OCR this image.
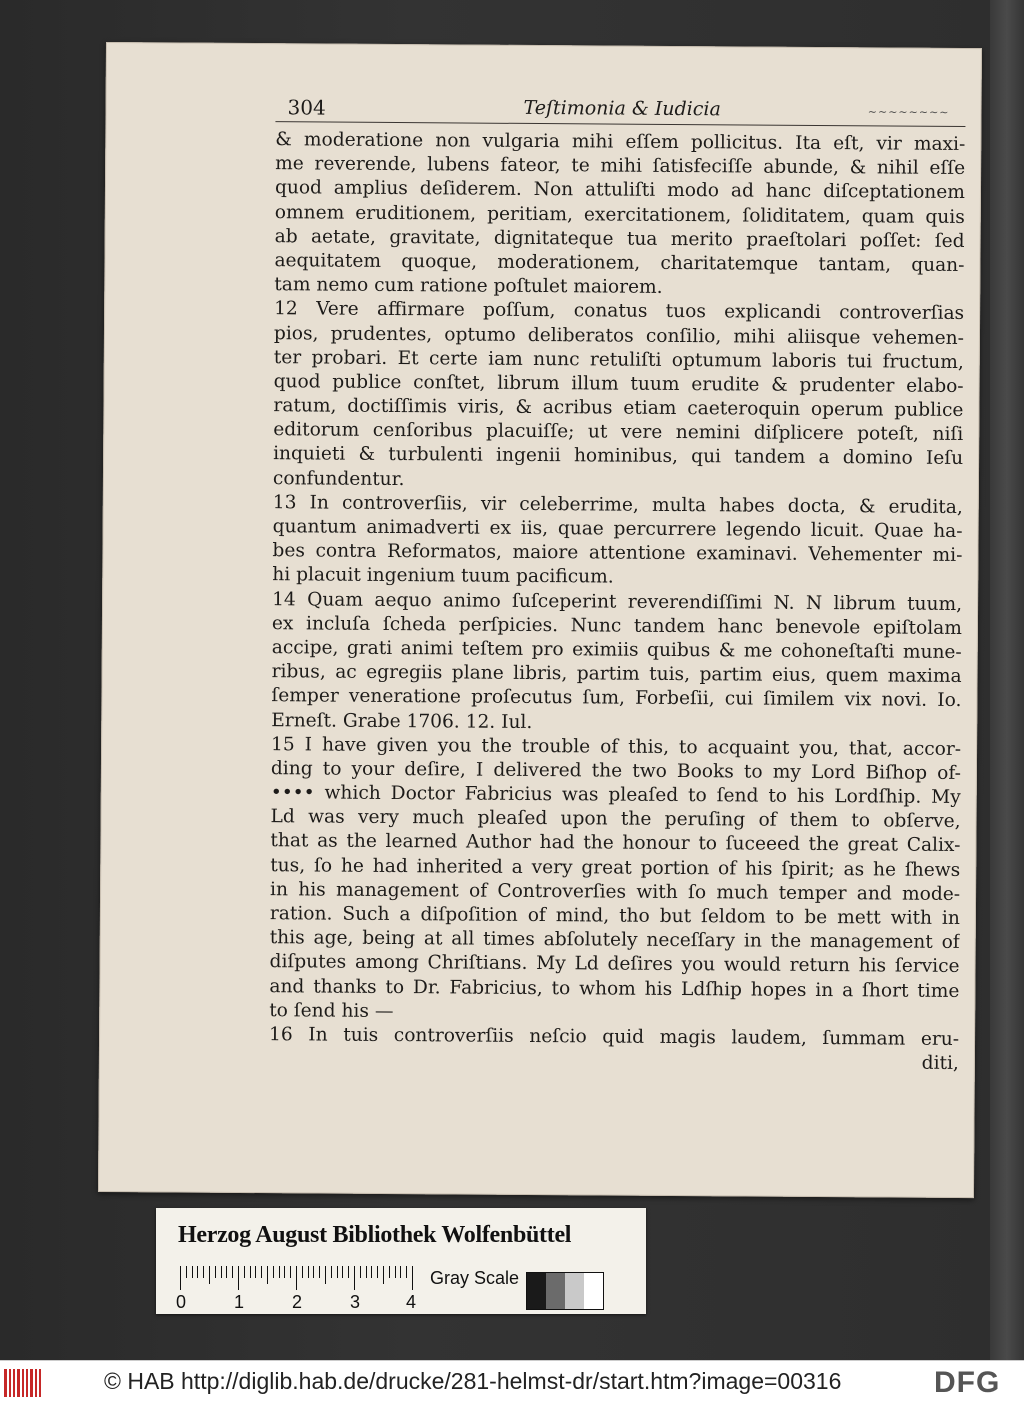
304	Teſtimonia & Iudicia	~~~~~~~~
& moderatione non vulgaria mihi eſſem pollicitus. Ita eſt, vir maxi-
me reverende, lubens fateor, te mihi ſatisfeciſſe abunde, & nihil eſſe
quod amplius deſiderem. Non attuliſti modo ad hanc diſceptationem
omnem eruditionem, peritiam, exercitationem, ſoliditatem, quam quis
ab aetate, gravitate, dignitateque tua merito praeſtolari poſſet: ſed
aequitatem quoque, moderationem, charitatemque tantam, quan-
tam nemo cum ratione poſtulet maiorem.
12 Vere affirmare poſſum, conatus tuos explicandi controverſias
pios, prudentes, optumo deliberatos conſilio, mihi aliisque vehemen-
ter probari. Et certe iam nunc retuliſti optumum laboris tui fructum,
quod publice conſtet, librum illum tuum erudite & prudenter elabo-
ratum, doctiſſimis viris, & acribus etiam caeteroquin operum publice
editorum cenſoribus placuiſſe; ut vere nemini diſplicere poteſt, niſi
inquieti & turbulenti ingenii hominibus, qui tandem a domino Ieſu
confundentur.
13 In controverſiis, vir celeberrime, multa habes docta, & erudita,
quantum animadverti ex iis, quae percurrere legendo licuit. Quae ha-
bes contra Reformatos, maiore attentione examinavi. Vehementer mi-
hi placuit ingenium tuum pacificum.
14 Quam aequo animo ſuſceperint reverendiſſimi N. N librum tuum,
ex incluſa ſcheda perſpicies. Nunc tandem hanc benevole epiſtolam
accipe, grati animi teſtem pro eximiis quibus & me cohoneſtaſti mune-
ribus, ac egregiis plane libris, partim tuis, partim eius, quem maxima
ſemper veneratione proſecutus ſum, Forbeſii, cui ſimilem vix novi. Io.
Erneſt. Grabe 1706. 12. Iul.
15 I have given you the trouble of this, to acquaint you, that, accor-
ding to your deſire, I delivered the two Books to my Lord Biſhop of-
•••• which Doctor Fabricius was pleaſed to ſend to his Lordſhip. My
Ld was very much pleaſed upon the peruſing of them to obſerve,
that as the learned Author had the honour to ſuceeed the great Calix-
tus, ſo he had inherited a very great portion of his ſpirit; as he ſhews
in his management of Controverſies with ſo much temper and mode-
ration. Such a diſpoſition of mind, tho but ſeldom to be mett with in
this age, being at all times abſolutely neceſſary in the management of
diſputes among Chriſtians. My Ld deſires you would return his ſervice
and thanks to Dr. Fabricius, to whom his Ldſhip hopes in a ſhort time
to ſend his —
16 In tuis controverſiis neſcio quid magis laudem, ſummam eru-
diti,
Herzog August Bibliothek Wolfenbüttel
0	1	2	3	4
Gray Scale
© HAB http://diglib.hab.de/drucke/281-helmst-dr/start.htm?image=00316	DFG
